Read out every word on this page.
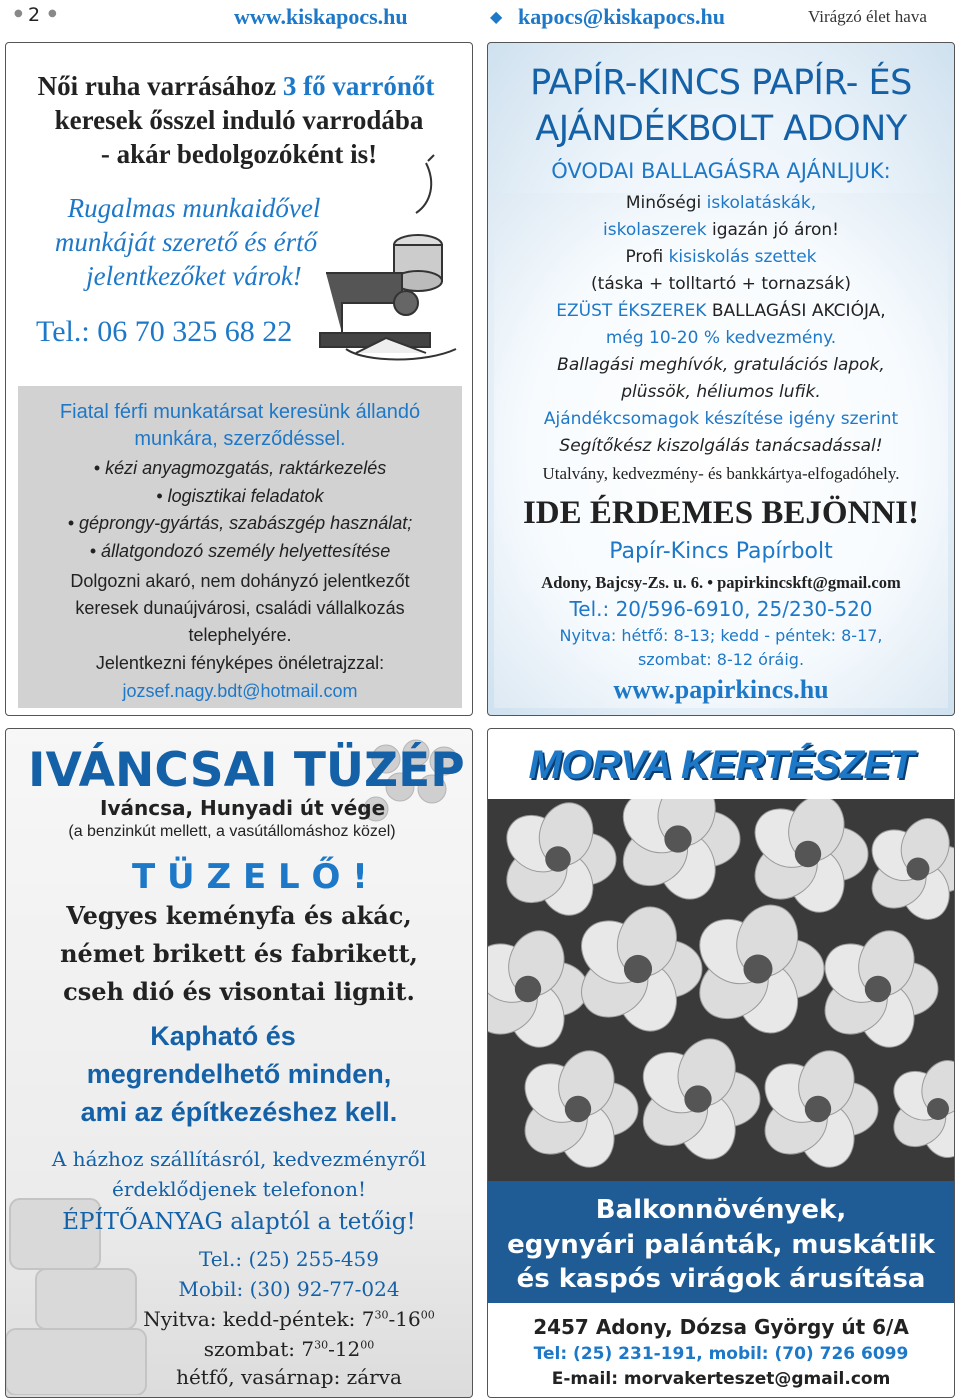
● 2 ●	www.kiskapocs.hu	◆ kapocs@kiskapocs.hu	Virágzó élet hava
Női ruha varrásához 3 fő varrónőt
keresek ősszel induló varrodába
- akár bedolgozóként is!
Rugalmas munkaidővel
munkáját szerető és értő
jelentkezőket várok!
Tel.: 06 70 325 68 22
Fiatal férfi munkatársat keresünk állandó
munkára, szerződéssel.
• kézi anyagmozgatás, raktárkezelés
• logisztikai feladatok
• géprongy-gyártás, szabászgép használat;
• állatgondozó személy helyettesítése
Dolgozni akaró, nem dohányzó jelentkezőt
keresek dunaújvárosi, családi vállalkozás
telephelyére.
Jelentkezni fényképes önéletrajzzal:
jozsef.nagy.bdt@hotmail.com
PAPÍR-KINCS PAPÍR- ÉS
AJÁNDÉKBOLT ADONY
ÓVODAI BALLAGÁSRA AJÁNLJUK:
Minőségi iskolatáskák,
iskolaszerek igazán jó áron!
Profi kisiskolás szettek
(táska + tolltartó + tornazsák)
EZÜST ÉKSZEREK BALLAGÁSI AKCIÓJA,
még 10-20 % kedvezmény.
Ballagási meghívók, gratulációs lapok,
plüssök, héliumos lufik.
Ajándékcsomagok készítése igény szerint
Segítőkész kiszolgálás tanácsadással!
Utalvány, kedvezmény- és bankkártya-elfogadóhely.
IDE ÉRDEMES BEJÖNNI!
Papír-Kincs Papírbolt
Adony, Bajcsy-Zs. u. 6. • papirkincskft@gmail.com
Tel.: 20/596-6910, 25/230-520
Nyitva: hétfő: 8-13; kedd - péntek: 8-17,
szombat: 8-12 óráig.
www.papirkincs.hu
IVÁNCSAI TÜZÉP
Iváncsa, Hunyadi út vége
(a benzinkút mellett, a vasútállomáshoz közel)
T Ü Z E L Ő !
Vegyes keményfa és akác,
német brikett és fabrikett,
cseh dió és visontai lignit.
Kapható és
megrendelhető minden,
ami az építkezéshez kell.
A házhoz szállításról, kedvezményről
érdeklődjenek telefonon!
ÉPÍTŐANYAG alaptól a tetőig!
Tel.: (25) 255-459
Mobil: (30) 92-77-024
Nyitva: kedd-péntek: $7^{30}-16^{00}$
szombat: $7^{30}-12^{00}$
hétfő, vasárnap: zárva
MORVA KERTÉSZET
Balkonnövények,
egynyári palánták, muskátlik
és kaspós virágok árusítása
2457 Adony, Dózsa György út 6/A
Tel: (25) 231-191, mobil: (70) 726 6099
E-mail: morvakerteszet@gmail.com
